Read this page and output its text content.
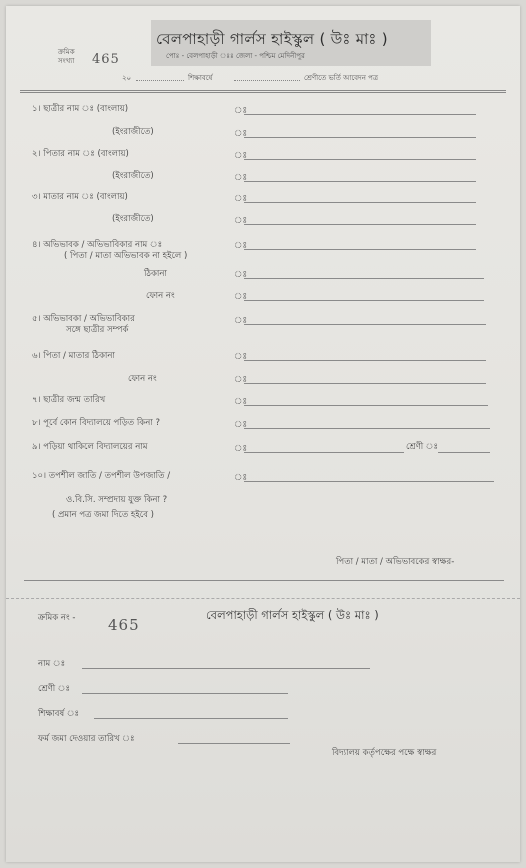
বেলপাহাড়ী গার্লস হাইস্কুল ( উঃ মাঃ )
পোঃ - বেলপাহাড়ী ঃঃ জেলা - পশ্চিম মেদিনীপুর
ক্রমিক সংখ্যা	465
২০	শিক্ষাবর্ষে	শ্রেণীতে ভর্তি আবেদন পত্র
১। ছাত্রীর নাম ঃ (বাংলায়)	ঃ
(ইংরাজীতে)	ঃ
২। পিতার নাম ঃ (বাংলায়)	ঃ
(ইংরাজীতে)	ঃ
৩। মাতার নাম ঃ (বাংলায়)	ঃ
(ইংরাজীতে)	ঃ
৪। অভিভাবক / অভিভাবিকার নাম ঃ	ঃ
( পিতা / মাতা অভিভাবক না হইলে )
ঠিকানা	ঃ
ফোন নং	ঃ
৫। অভিভাবকা / অভিভাবিকার
সঙ্গে ছাত্রীর সম্পর্ক
ঃ
৬। পিতা / মাতার ঠিকানা	ঃ
ফোন নং	ঃ
৭। ছাত্রীর জন্ম তারিখ	ঃ
৮। পূর্বে কোন বিদ্যালয়ে পড়িত কিনা ?	ঃ
৯। পড়িয়া থাকিলে বিদ্যালয়ের নাম	ঃ	শ্রেণী ঃ
১০। তপশীল জাতি / তপশীল উপজাতি /	ঃ
ও.বি.সি. সম্প্রদায় যুক্ত কিনা ?
( প্রমান পত্র জমা দিতে হইবে )
পিতা / মাতা / অভিভাবকের স্বাক্ষর-
ক্রমিক নং - 465
বেলপাহাড়ী গার্লস হাইস্কুল ( উঃ মাঃ )
নাম ঃ
শ্রেণী ঃ
শিক্ষাবর্ষ ঃ
ফর্ম জমা দেওয়ার তারিখ ঃ
বিদ্যালয় কর্তৃপক্ষের পক্ষে স্বাক্ষর
